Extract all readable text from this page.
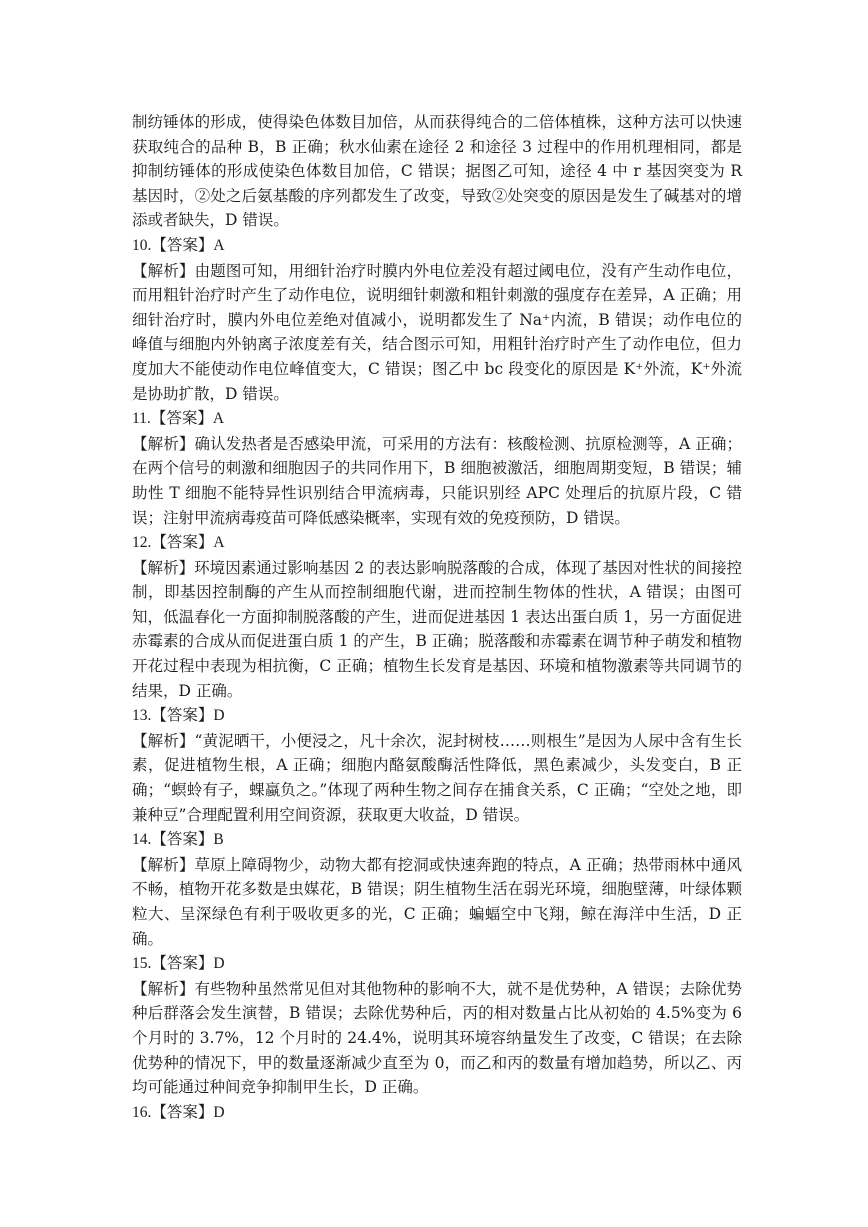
制纺锤体的形成，使得染色体数目加倍，从而获得纯合的二倍体植株，这种方法可以快速获取纯合的品种 B，B 正确；秋水仙素在途径 2 和途径 3 过程中的作用机理相同，都是抑制纺锤体的形成使染色体数目加倍，C 错误；据图乙可知，途径 4 中 r 基因突变为 R 基因时，②处之后氨基酸的序列都发生了改变，导致②处突变的原因是发生了碱基对的增添或者缺失，D 错误。

10.【答案】A

【解析】由题图可知，用细针治疗时膜内外电位差没有超过阈电位，没有产生动作电位，而用粗针治疗时产生了动作电位，说明细针刺激和粗针刺激的强度存在差异，A 正确；用细针治疗时，膜内外电位差绝对值减小，说明都发生了 Na⁺内流，B 错误；动作电位的峰值与细胞内外钠离子浓度差有关，结合图示可知，用粗针治疗时产生了动作电位，但力度加大不能使动作电位峰值变大，C 错误；图乙中 bc 段变化的原因是 K⁺外流，K⁺外流是协助扩散，D 错误。

11.【答案】A

【解析】确认发热者是否感染甲流，可采用的方法有：核酸检测、抗原检测等，A 正确；在两个信号的刺激和细胞因子的共同作用下，B 细胞被激活，细胞周期变短，B 错误；辅助性 T 细胞不能特异性识别结合甲流病毒，只能识别经 APC 处理后的抗原片段，C 错误；注射甲流病毒疫苗可降低感染概率，实现有效的免疫预防，D 错误。

12.【答案】A

【解析】环境因素通过影响基因 2 的表达影响脱落酸的合成，体现了基因对性状的间接控制，即基因控制酶的产生从而控制细胞代谢，进而控制生物体的性状，A 错误；由图可知，低温春化一方面抑制脱落酸的产生，进而促进基因 1 表达出蛋白质 1，另一方面促进赤霉素的合成从而促进蛋白质 1 的产生，B 正确；脱落酸和赤霉素在调节种子萌发和植物开花过程中表现为相抗衡，C 正确；植物生长发育是基因、环境和植物激素等共同调节的结果，D 正确。

13.【答案】D

【解析】“黄泥晒干，小便浸之，凡十余次，泥封树枝……则根生”是因为人尿中含有生长素，促进植物生根，A 正确；细胞内酪氨酸酶活性降低，黑色素减少，头发变白，B 正确；“螟蛉有子，蜾蠃负之。”体现了两种生物之间存在捕食关系，C 正确；“空处之地，即兼种豆”合理配置利用空间资源，获取更大收益，D 错误。

14.【答案】B

【解析】草原上障碍物少，动物大都有挖洞或快速奔跑的特点，A 正确；热带雨林中通风不畅，植物开花多数是虫媒花，B 错误；阴生植物生活在弱光环境，细胞壁薄，叶绿体颗粒大、呈深绿色有利于吸收更多的光，C 正确；蝙蝠空中飞翔，鲸在海洋中生活，D 正确。

15.【答案】D

【解析】有些物种虽然常见但对其他物种的影响不大，就不是优势种，A 错误；去除优势种后群落会发生演替，B 错误；去除优势种后，丙的相对数量占比从初始的 4.5%变为 6 个月时的 3.7%，12 个月时的 24.4%，说明其环境容纳量发生了改变，C 错误；在去除优势种的情况下，甲的数量逐渐减少直至为 0，而乙和丙的数量有增加趋势，所以乙、丙均可能通过种间竞争抑制甲生长，D 正确。

16.【答案】D
